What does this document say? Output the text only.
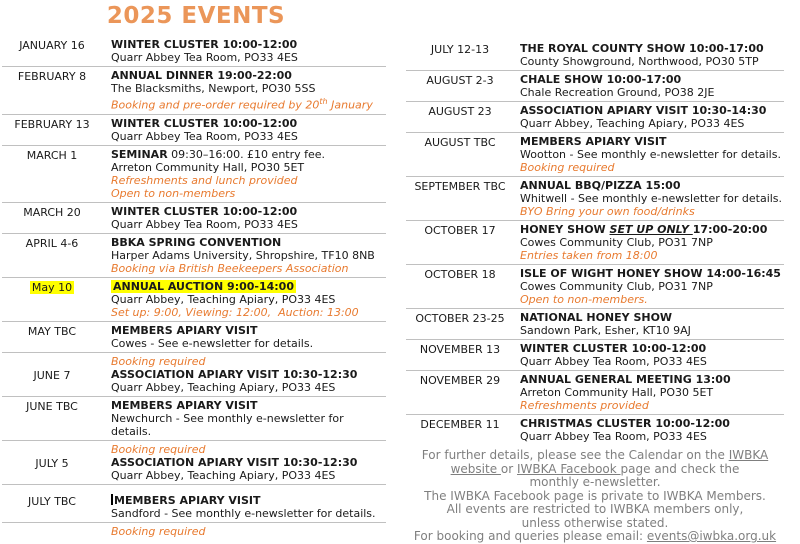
2025 EVENTS
JANUARY 16	WINTER CLUSTER 10:00-12:00
Quarr Abbey Tea Room, PO33 4ES
FEBRUARY 8	ANNUAL DINNER 19:00-22:00
The Blacksmiths, Newport, PO30 5SS
Booking and pre-order required by 20th January
FEBRUARY 13	WINTER CLUSTER 10:00-12:00
Quarr Abbey Tea Room, PO33 4ES
MARCH 1	SEMINAR 09:30–16:00. £10 entry fee.
Arreton Community Hall, PO30 5ET
Refreshments and lunch provided
Open to non-members
MARCH 20	WINTER CLUSTER 10:00-12:00
Quarr Abbey Tea Room, PO33 4ES
APRIL 4-6	BBKA SPRING CONVENTION
Harper Adams University, Shropshire, TF10 8NB
Booking via British Beekeepers Association
May 10	ANNUAL AUCTION 9:00-14:00
Quarr Abbey, Teaching Apiary, PO33 4ES
Set up: 9:00, Viewing: 12:00,  Auction: 13:00
MAY TBC	MEMBERS APIARY VISIT
Cowes - See e-newsletter for details.
Booking required
JUNE 7	ASSOCIATION APIARY VISIT 10:30-12:30
Quarr Abbey, Teaching Apiary, PO33 4ES
JUNE TBC	MEMBERS APIARY VISIT
Newchurch - See monthly e-newsletter for details.
Booking required
JULY 5	ASSOCIATION APIARY VISIT 10:30-12:30
Quarr Abbey, Teaching Apiary, PO33 4ES
JULY TBC	MEMBERS APIARY VISIT
Sandford - See monthly e-newsletter for details.
Booking required
JULY 12-13	THE ROYAL COUNTY SHOW 10:00-17:00
County Showground, Northwood, PO30 5TP
AUGUST 2-3	CHALE SHOW 10:00-17:00
Chale Recreation Ground, PO38 2JE
AUGUST 23	ASSOCIATION APIARY VISIT 10:30-14:30
Quarr Abbey, Teaching Apiary, PO33 4ES
AUGUST TBC	MEMBERS APIARY VISIT
Wootton - See monthly e-newsletter for details.
Booking required
SEPTEMBER TBC	ANNUAL BBQ/PIZZA 15:00
Whitwell - See monthly e-newsletter for details.
BYO Bring your own food/drinks
OCTOBER 17	HONEY SHOW SET UP ONLY 17:00-20:00
Cowes Community Club, PO31 7NP
Entries taken from 18:00
OCTOBER 18	ISLE OF WIGHT HONEY SHOW 14:00-16:45
Cowes Community Club, PO31 7NP
Open to non-members.
OCTOBER 23-25	NATIONAL HONEY SHOW
Sandown Park, Esher, KT10 9AJ
NOVEMBER 13	WINTER CLUSTER 10:00-12:00
Quarr Abbey Tea Room, PO33 4ES
NOVEMBER 29	ANNUAL GENERAL MEETING 13:00
Arreton Community Hall, PO30 5ET
Refreshments provided
DECEMBER 11	CHRISTMAS CLUSTER 10:00-12:00
Quarr Abbey Tea Room, PO33 4ES
For further details, please see the Calendar on the IWBKA
website or IWBKA Facebook page and check the
monthly e-newsletter.
The IWBKA Facebook page is private to IWBKA Members.
All events are restricted to IWBKA members only,
unless otherwise stated.
For booking and queries please email: events@iwbka.org.uk
